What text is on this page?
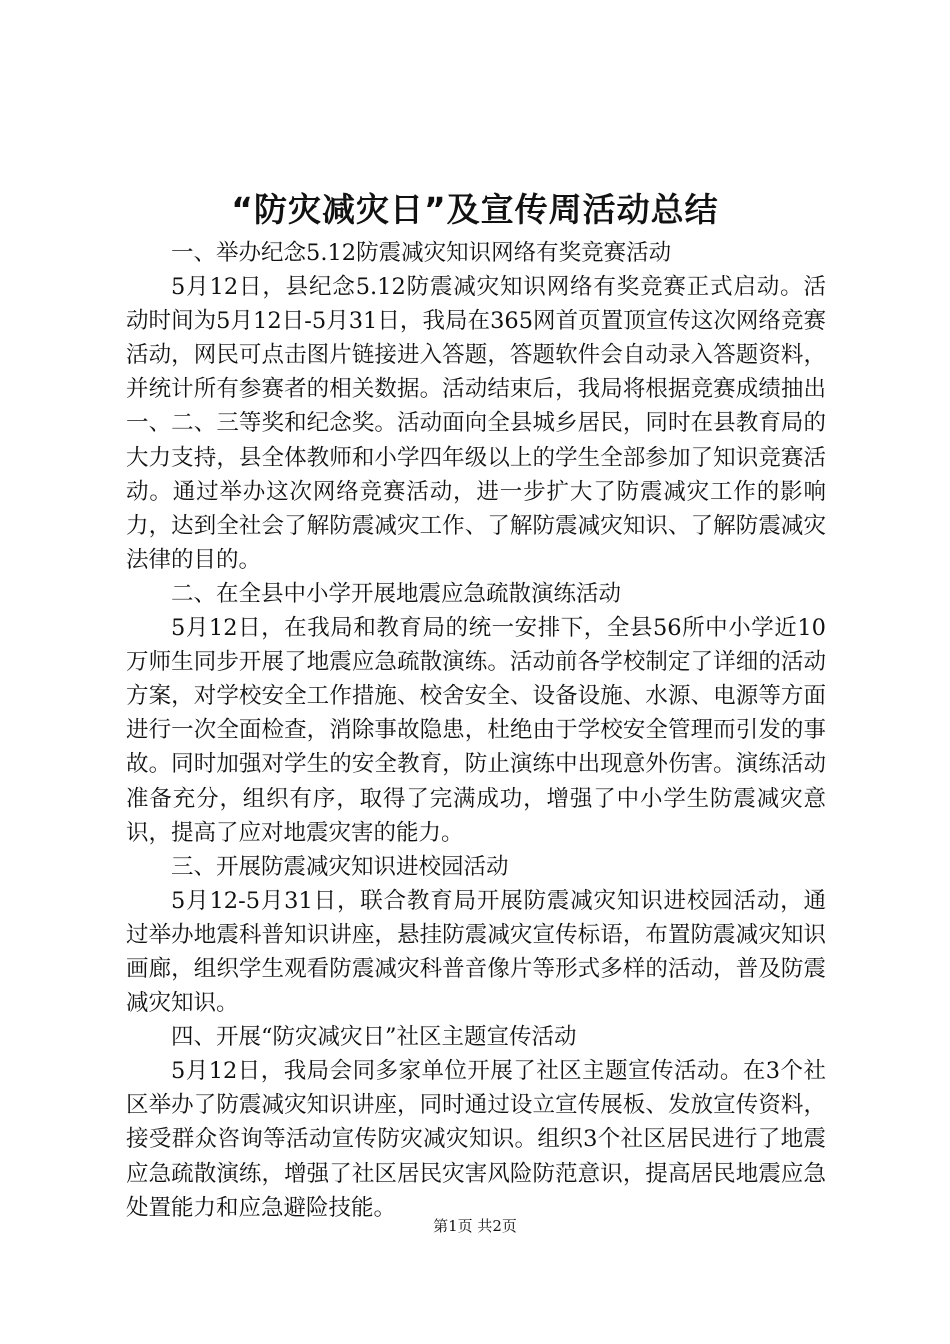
“防灾减灾日”及宣传周活动总结

一、举办纪念5.12防震减灾知识网络有奖竞赛活动

5月12日，县纪念5.12防震减灾知识网络有奖竞赛正式启动。活动时间为5月12日-5月31日，我局在365网首页置顶宣传这次网络竞赛活动，网民可点击图片链接进入答题，答题软件会自动录入答题资料，并统计所有参赛者的相关数据。活动结束后，我局将根据竞赛成绩抽出一、二、三等奖和纪念奖。活动面向全县城乡居民，同时在县教育局的大力支持，县全体教师和小学四年级以上的学生全部参加了知识竞赛活动。通过举办这次网络竞赛活动，进一步扩大了防震减灾工作的影响力，达到全社会了解防震减灾工作、了解防震减灾知识、了解防震减灾法律的目的。

二、在全县中小学开展地震应急疏散演练活动

5月12日，在我局和教育局的统一安排下，全县56所中小学近10万师生同步开展了地震应急疏散演练。活动前各学校制定了详细的活动方案，对学校安全工作措施、校舍安全、设备设施、水源、电源等方面进行一次全面检查，消除事故隐患，杜绝由于学校安全管理而引发的事故。同时加强对学生的安全教育，防止演练中出现意外伤害。演练活动准备充分，组织有序，取得了完满成功，增强了中小学生防震减灾意识，提高了应对地震灾害的能力。

三、开展防震减灾知识进校园活动

5月12-5月31日，联合教育局开展防震减灾知识进校园活动，通过举办地震科普知识讲座，悬挂防震减灾宣传标语，布置防震减灾知识画廊，组织学生观看防震减灾科普音像片等形式多样的活动，普及防震减灾知识。

四、开展“防灾减灾日”社区主题宣传活动

5月12日，我局会同多家单位开展了社区主题宣传活动。在3个社区举办了防震减灾知识讲座，同时通过设立宣传展板、发放宣传资料，接受群众咨询等活动宣传防灾减灾知识。组织3个社区居民进行了地震应急疏散演练，增强了社区居民灾害风险防范意识，提高居民地震应急处置能力和应急避险技能。

第1页 共2页
